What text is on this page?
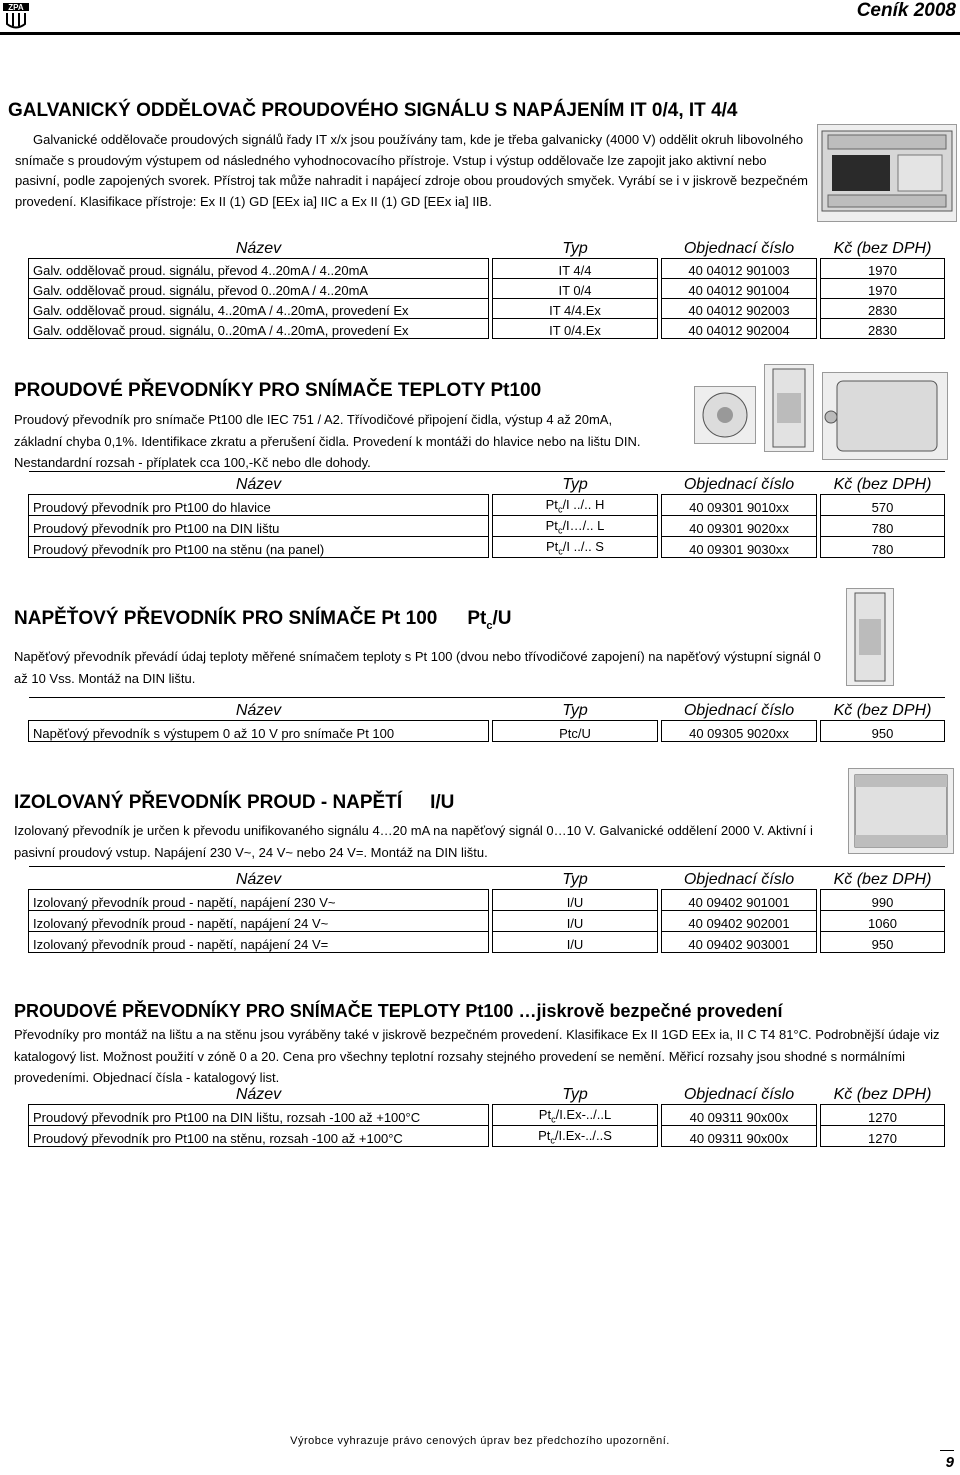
ZPA	Ceník 2008
GALVANICKÝ ODDĚLOVAČ PROUDOVÉHO SIGNÁLU S NAPÁJENÍM IT 0/4, IT 4/4
Galvanické oddělovače proudových signálů řady IT x/x jsou používány tam, kde je třeba galvanicky (4000 V) oddělit okruh libovolného snímače s proudovým výstupem od následného vyhodnocovacího přístroje. Vstup i výstup oddělovače lze zapojit jako aktivní nebo pasivní, podle zapojených svorek. Přístroj tak může nahradit i napájecí zdroje obou proudových smyček. Vyrábí se i v jiskrově bezpečném provedení. Klasifikace přístroje: Ex II (1) GD [EEx ia] IIC a Ex II (1) GD [EEx ia] IIB.
Název		Typ		Objednací číslo		Kč (bez DPH)
Galv. oddělovač proud. signálu, převod 4..20mA / 4..20mA		IT 4/4		40 04012 901003		1970
Galv. oddělovač proud. signálu, převod 0..20mA / 4..20mA		IT 0/4		40 04012 901004		1970
Galv. oddělovač proud. signálu, 4..20mA / 4..20mA, provedení Ex		IT 4/4.Ex		40 04012 902003		2830
Galv. oddělovač proud. signálu, 0..20mA / 4..20mA, provedení Ex		IT 0/4.Ex		40 04012 902004		2830
PROUDOVÉ PŘEVODNÍKY PRO SNÍMAČE TEPLOTY Pt100
Proudový převodník pro snímače Pt100 dle IEC 751 / A2. Třívodičové připojení čidla, výstup 4 až 20mA, základní chyba 0,1%. Identifikace zkratu a přerušení čidla. Provedení k montáži do hlavice nebo na lištu DIN. Nestandardní rozsah - příplatek cca 100,-Kč nebo dle dohody.
Název		Typ		Objednací číslo		Kč (bez DPH)
Proudový převodník pro Pt100 do hlavice		$Pt_c/I$ ../.. H		40 09301 9010xx		570
Proudový převodník pro Pt100 na DIN lištu		$Pt_c/I\dots/$.. L		40 09301 9020xx		780
Proudový převodník pro Pt100 na stěnu (na panel)		$Pt_c/I$ ../.. S		40 09301 9030xx		780
NAPĚŤOVÝ PŘEVODNÍK PRO SNÍMAČE Pt 100 $Pt_c/U$
Napěťový převodník převádí údaj teploty měřené snímačem teploty s Pt 100 (dvou nebo třívodičové zapojení) na napěťový výstupní signál 0 až 10 Vss. Montáž na DIN lištu.
Název		Typ		Objednací číslo		Kč (bez DPH)
Napěťový převodník s výstupem 0 až 10 V pro snímače Pt 100		Ptc/U		40 09305 9020xx		950
IZOLOVANÝ PŘEVODNÍK PROUD - NAPĚTÍ I/U
Izolovaný převodník je určen k převodu unifikovaného signálu 4…20 mA na napěťový signál 0…10 V. Galvanické oddělení 2000 V. Aktivní i pasivní proudový vstup. Napájení 230 V~, 24 V~ nebo 24 V=. Montáž na DIN lištu.
Název		Typ		Objednací číslo		Kč (bez DPH)
Izolovaný převodník proud - napětí, napájení 230 V~		I/U		40 09402 901001		990
Izolovaný převodník proud - napětí, napájení 24 V~		I/U		40 09402 902001		1060
Izolovaný převodník proud - napětí, napájení 24 V=		I/U		40 09402 903001		950
PROUDOVÉ PŘEVODNÍKY PRO SNÍMAČE TEPLOTY Pt100 …jiskrově bezpečné provedení
Převodníky pro montáž na lištu a na stěnu jsou vyráběny také v jiskrově bezpečném provedení. Klasifikace Ex II 1GD EEx ia, II C T4 81°C. Podrobnější údaje viz katalogový list. Možnost použití v zóně 0 a 20. Cena pro všechny teplotní rozsahy stejného provedení se nemění. Měřicí rozsahy jsou shodné s normálními provedeními. Objednací čísla - katalogový list.
Název		Typ		Objednací číslo		Kč (bez DPH)
Proudový převodník pro Pt100 na DIN lištu, rozsah -100 až +100°C		$Pt_c/I.Ex-../..L$		40 09311 90x00x		1270
Proudový převodník pro Pt100 na stěnu, rozsah -100 až +100°C		$Pt_c/I.Ex-../..S$		40 09311 90x00x		1270
Výrobce vyhrazuje právo cenových úprav bez předchozího upozornění.
9
